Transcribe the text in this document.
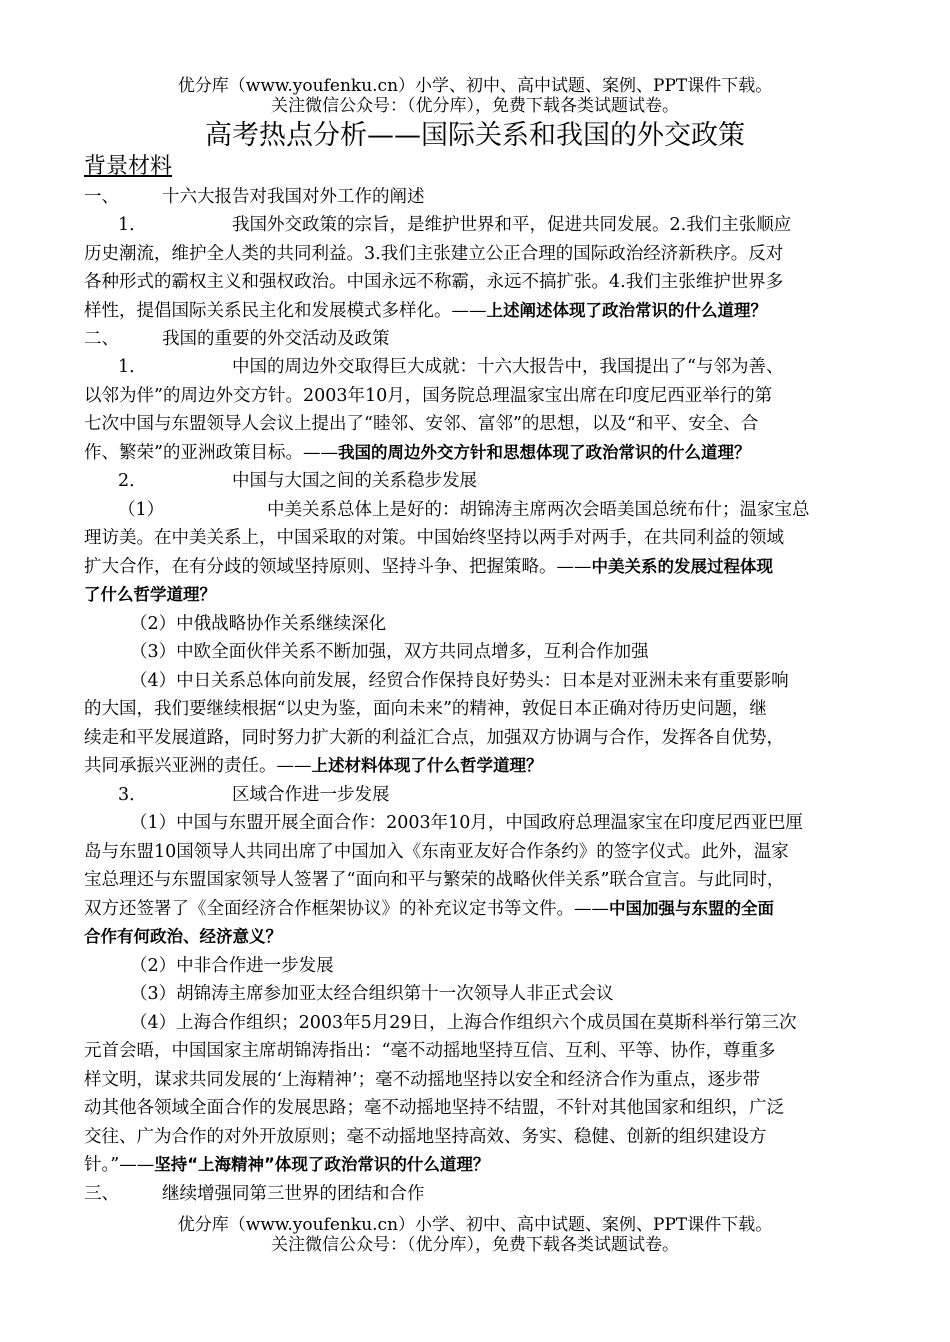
优分库（www.youfenku.cn）小学、初中、高中试题、案例、PPT课件下载。
关注微信公众号：（优分库），免费下载各类试题试卷。
高考热点分析——国际关系和我国的外交政策
背景材料
一、 十六大报告对我国对外工作的阐述
1．	我国外交政策的宗旨，是维护世界和平，促进共同发展。2.我们主张顺应
历史潮流，维护全人类的共同利益。3.我们主张建立公正合理的国际政治经济新秩序。反对
各种形式的霸权主义和强权政治。中国永远不称霸，永远不搞扩张。4.我们主张维护世界多
样性，提倡国际关系民主化和发展模式多样化。——上述阐述体现了政治常识的什么道理？
二、 我国的重要的外交活动及政策
1．	中国的周边外交取得巨大成就：十六大报告中，我国提出了“与邻为善、
以邻为伴”的周边外交方针。2003年10月，国务院总理温家宝出席在印度尼西亚举行的第
七次中国与东盟领导人会议上提出了“睦邻、安邻、富邻”的思想，以及“和平、安全、合
作、繁荣”的亚洲政策目标。——我国的周边外交方针和思想体现了政治常识的什么道理？
2．	中国与大国之间的关系稳步发展
（1）	中美关系总体上是好的：胡锦涛主席两次会晤美国总统布什；温家宝总
理访美。在中美关系上，中国采取的对策。中国始终坚持以两手对两手，在共同利益的领域
扩大合作，在有分歧的领域坚持原则、坚持斗争、把握策略。——中美关系的发展过程体现
了什么哲学道理？
（2）中俄战略协作关系继续深化
（3）中欧全面伙伴关系不断加强，双方共同点增多，互利合作加强
（4）中日关系总体向前发展，经贸合作保持良好势头：日本是对亚洲未来有重要影响
的大国，我们要继续根据“以史为鉴，面向未来”的精神，敦促日本正确对待历史问题，继
续走和平发展道路，同时努力扩大新的利益汇合点，加强双方协调与合作，发挥各自优势，
共同承振兴亚洲的责任。——上述材料体现了什么哲学道理？
3．	区域合作进一步发展
（1）中国与东盟开展全面合作：2003年10月，中国政府总理温家宝在印度尼西亚巴厘
岛与东盟10国领导人共同出席了中国加入《东南亚友好合作条约》的签字仪式。此外，温家
宝总理还与东盟国家领导人签署了“面向和平与繁荣的战略伙伴关系”联合宣言。与此同时，
双方还签署了《全面经济合作框架协议》的补充议定书等文件。——中国加强与东盟的全面
合作有何政治、经济意义？
（2）中非合作进一步发展
（3）胡锦涛主席参加亚太经合组织第十一次领导人非正式会议
（4）上海合作组织；2003年5月29日，上海合作组织六个成员国在莫斯科举行第三次
元首会晤，中国国家主席胡锦涛指出：“毫不动摇地坚持互信、互利、平等、协作，尊重多
样文明，谋求共同发展的‘上海精神’；毫不动摇地坚持以安全和经济合作为重点，逐步带
动其他各领域全面合作的发展思路；毫不动摇地坚持不结盟，不针对其他国家和组织，广泛
交往、广为合作的对外开放原则；毫不动摇地坚持高效、务实、稳健、创新的组织建设方
针。”——坚持“上海精神”体现了政治常识的什么道理？
三、 继续增强同第三世界的团结和合作
优分库（www.youfenku.cn）小学、初中、高中试题、案例、PPT课件下载。
关注微信公众号：（优分库），免费下载各类试题试卷。
